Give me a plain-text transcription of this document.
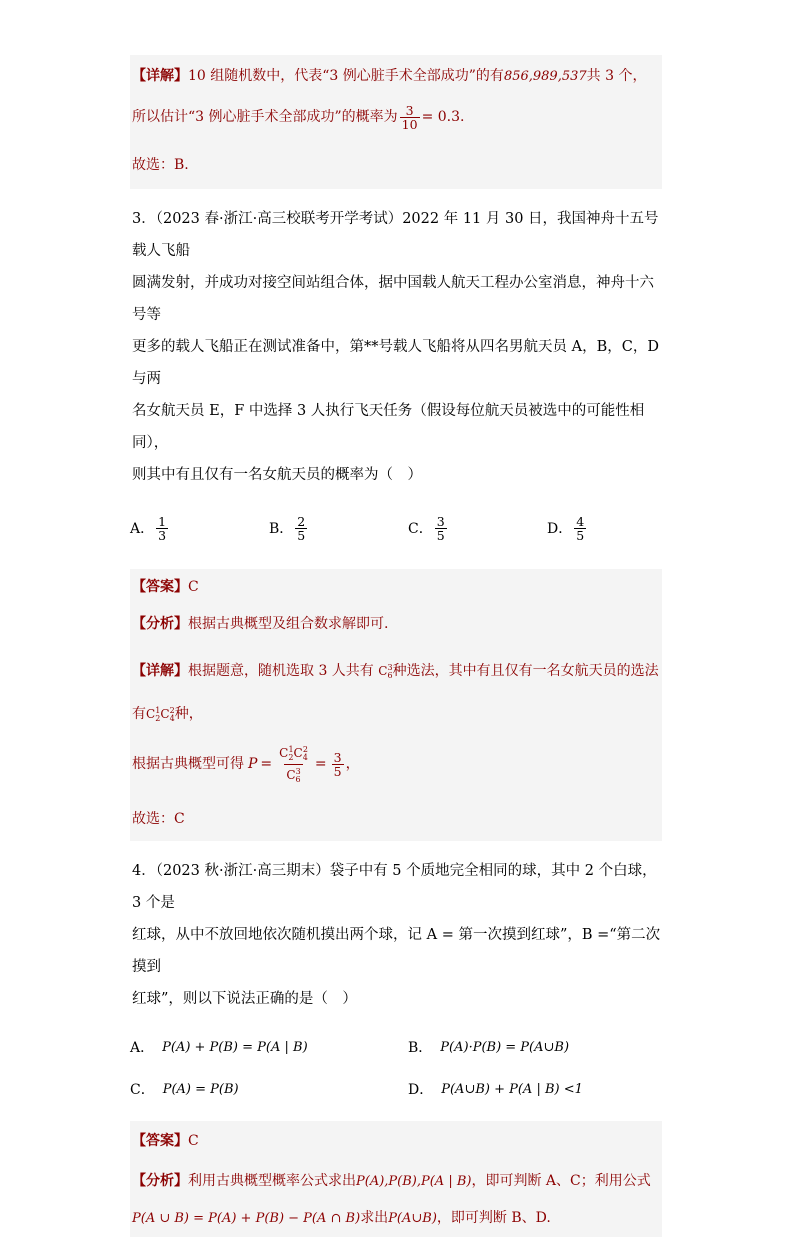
【详解】10 组随机数中，代表“3 例心脏手术全部成功”的有856,989,537共 3 个，
所以估计“3 例心脏手术全部成功”的概率为 $\frac{3}{10} = 0.3$.
故选：B.
3．（2023 春·浙江·高三校联考开学考试）2022 年 11 月 30 日，我国神舟十五号载人飞船
圆满发射，并成功对接空间站组合体，据中国载人航天工程办公室消息，神舟十六号等
更多的载人飞船正在测试准备中，第**号载人飞船将从四名男航天员 A，B，C，D 与两
名女航天员 E，F 中选择 3 人执行飞天任务（假设每位航天员被选中的可能性相同），
则其中有且仅有一名女航天员的概率为（　）
A． $\frac{1}{3}$	B． $\frac{2}{5}$	C． $\frac{3}{5}$	D． $\frac{4}{5}$
【答案】C
【分析】根据古典概型及组合数求解即可.
【详解】根据题意，随机选取 3 人共有 $C_6^3$种选法，其中有且仅有一名女航天员的选法
有$C_2^1C_4^2$种，
根据古典概型可得 $P = \frac{C_2^1C_4^2}{C_6^3} = \frac{3}{5}$ ，
故选：C
4．（2023 秋·浙江·高三期末）袋子中有 5 个质地完全相同的球，其中 2 个白球，3 个是
红球，从中不放回地依次随机摸出两个球，记 A = 第一次摸到红球”，B =“第二次摸到
红球”，则以下说法正确的是（　）
A． P(A) + P(B) = P(A | B)	B． P(A)·P(B) = P(A∪B)
C． P(A) = P(B)	D． P(A∪B) + P(A | B) <1
【答案】C
【分析】利用古典概型概率公式求出P(A),P(B),P(A | B)，即可判断 A、C；利用公式
P(A ∪ B) = P(A) + P(B) − P(A ∩ B)求出P(A∪B)，即可判断 B、D.
